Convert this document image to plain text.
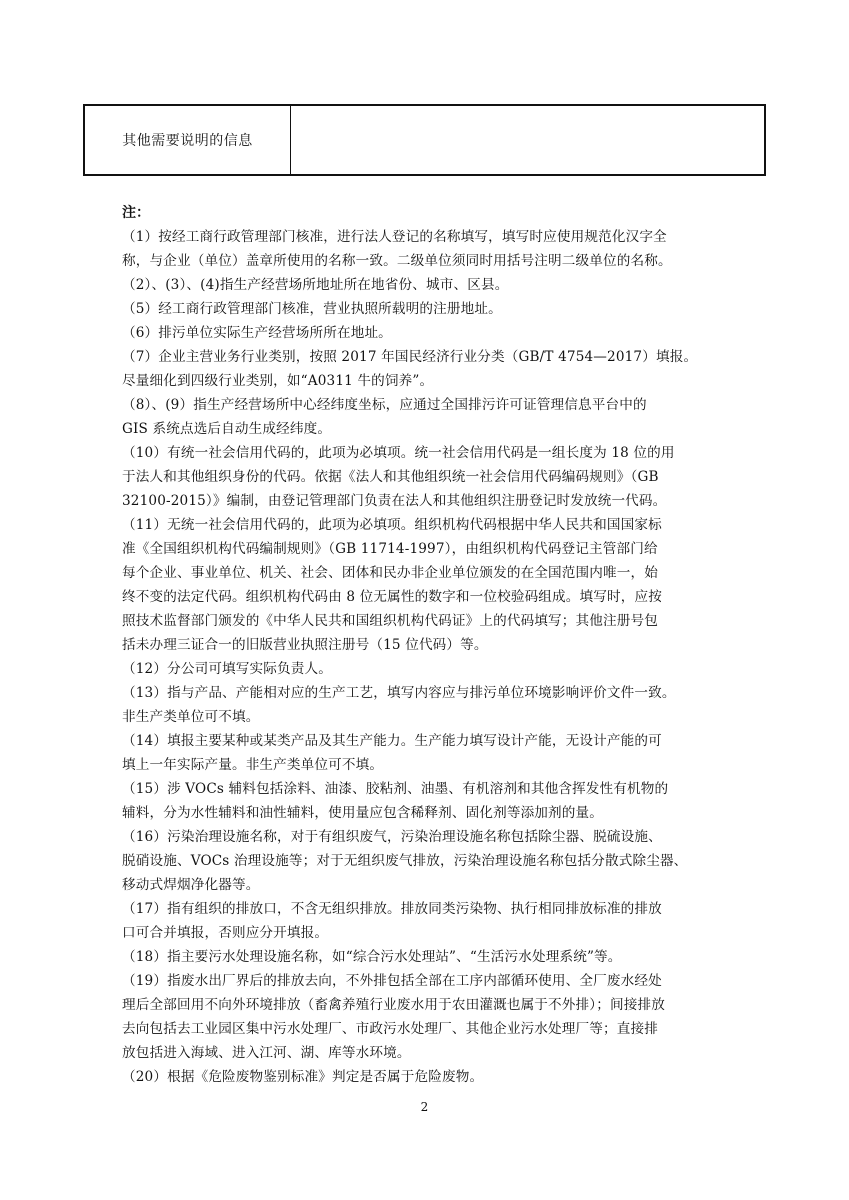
其他需要说明的信息
注：
（1）按经工商行政管理部门核准，进行法人登记的名称填写，填写时应使用规范化汉字全
称，与企业（单位）盖章所使用的名称一致。二级单位须同时用括号注明二级单位的名称。
（2）、(3）、(4)指生产经营场所地址所在地省份、城市、区县。
（5）经工商行政管理部门核准，营业执照所载明的注册地址。
（6）排污单位实际生产经营场所所在地址。
（7）企业主营业务行业类别，按照 2017 年国民经济行业分类（GB/T 4754—2017）填报。
尽量细化到四级行业类别，如“A0311 牛的饲养”。
（8）、(9）指生产经营场所中心经纬度坐标，应通过全国排污许可证管理信息平台中的
GIS 系统点选后自动生成经纬度。
（10）有统一社会信用代码的，此项为必填项。统一社会信用代码是一组长度为 18 位的用
于法人和其他组织身份的代码。依据《法人和其他组织统一社会信用代码编码规则》（GB
32100-2015）》编制，由登记管理部门负责在法人和其他组织注册登记时发放统一代码。
（11）无统一社会信用代码的，此项为必填项。组织机构代码根据中华人民共和国国家标
准《全国组织机构代码编制规则》（GB 11714-1997），由组织机构代码登记主管部门给
每个企业、事业单位、机关、社会、团体和民办非企业单位颁发的在全国范围内唯一，始
终不变的法定代码。组织机构代码由 8 位无属性的数字和一位校验码组成。填写时，应按
照技术监督部门颁发的《中华人民共和国组织机构代码证》上的代码填写；其他注册号包
括未办理三证合一的旧版营业执照注册号（15 位代码）等。
（12）分公司可填写实际负责人。
（13）指与产品、产能相对应的生产工艺，填写内容应与排污单位环境影响评价文件一致。
非生产类单位可不填。
（14）填报主要某种或某类产品及其生产能力。生产能力填写设计产能，无设计产能的可
填上一年实际产量。非生产类单位可不填。
（15）涉 VOCs 辅料包括涂料、油漆、胶粘剂、油墨、有机溶剂和其他含挥发性有机物的
辅料，分为水性辅料和油性辅料，使用量应包含稀释剂、固化剂等添加剂的量。
（16）污染治理设施名称，对于有组织废气，污染治理设施名称包括除尘器、脱硫设施、
脱硝设施、VOCs 治理设施等；对于无组织废气排放，污染治理设施名称包括分散式除尘器、
移动式焊烟净化器等。
（17）指有组织的排放口，不含无组织排放。排放同类污染物、执行相同排放标准的排放
口可合并填报，否则应分开填报。
（18）指主要污水处理设施名称，如“综合污水处理站”、“生活污水处理系统”等。
（19）指废水出厂界后的排放去向，不外排包括全部在工序内部循环使用、全厂废水经处
理后全部回用不向外环境排放（畜禽养殖行业废水用于农田灌溉也属于不外排）；间接排放
去向包括去工业园区集中污水处理厂、市政污水处理厂、其他企业污水处理厂等；直接排
放包括进入海域、进入江河、湖、库等水环境。
（20）根据《危险废物鉴别标准》判定是否属于危险废物。
2
